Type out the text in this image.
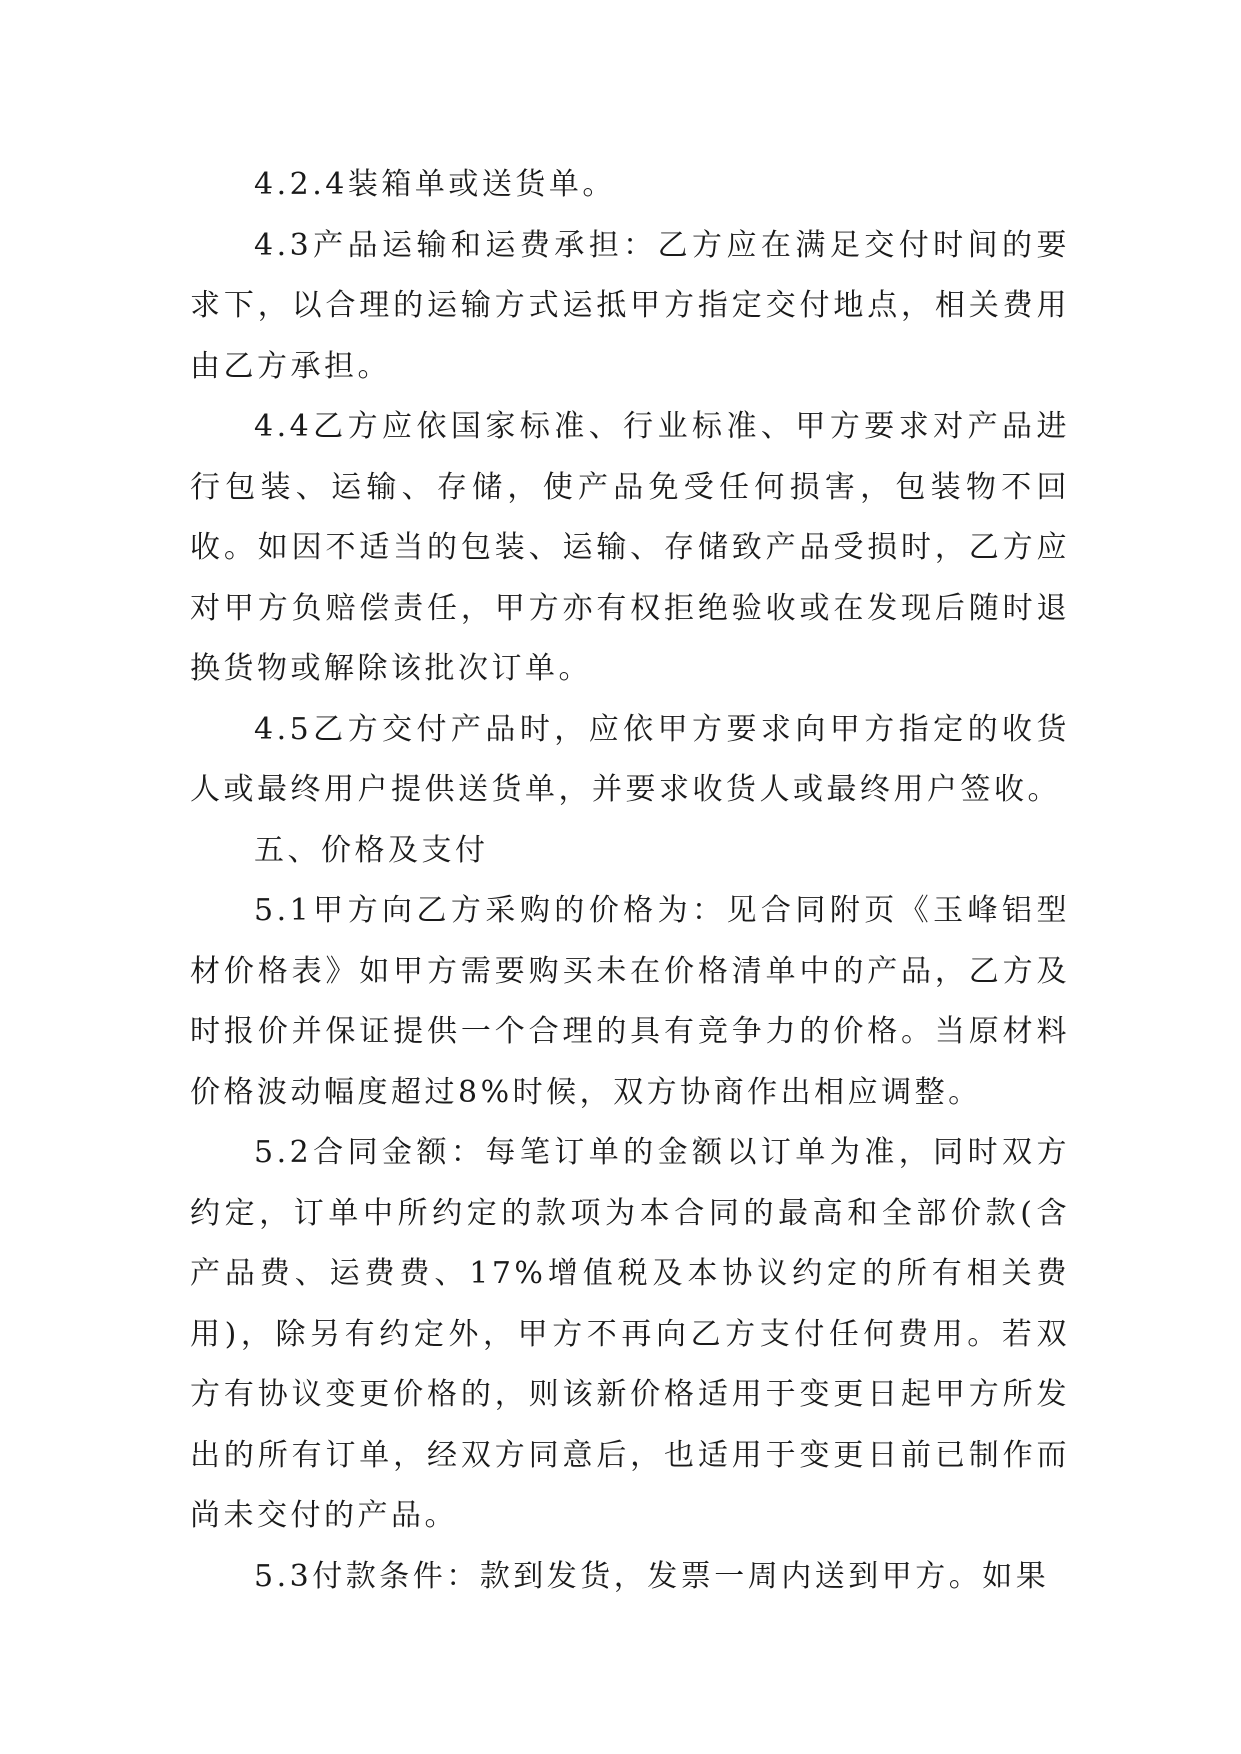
4.2.4装箱单或送货单。

4.3产品运输和运费承担：乙方应在满足交付时间的要求下，以合理的运输方式运抵甲方指定交付地点，相关费用由乙方承担。

4.4乙方应依国家标准、行业标准、甲方要求对产品进行包装、运输、存储，使产品免受任何损害，包装物不回收。如因不适当的包装、运输、存储致产品受损时，乙方应对甲方负赔偿责任，甲方亦有权拒绝验收或在发现后随时退换货物或解除该批次订单。

4.5乙方交付产品时，应依甲方要求向甲方指定的收货人或最终用户提供送货单，并要求收货人或最终用户签收。

五、价格及支付

5.1甲方向乙方采购的价格为：见合同附页《玉峰铝型材价格表》如甲方需要购买未在价格清单中的产品，乙方及时报价并保证提供一个合理的具有竞争力的价格。当原材料价格波动幅度超过8%时候，双方协商作出相应调整。

5.2合同金额：每笔订单的金额以订单为准，同时双方约定，订单中所约定的款项为本合同的最高和全部价款(含产品费、运费费、17%增值税及本协议约定的所有相关费用)，除另有约定外，甲方不再向乙方支付任何费用。若双方有协议变更价格的，则该新价格适用于变更日起甲方所发出的所有订单，经双方同意后，也适用于变更日前已制作而尚未交付的产品。

5.3付款条件：款到发货，发票一周内送到甲方。如果
